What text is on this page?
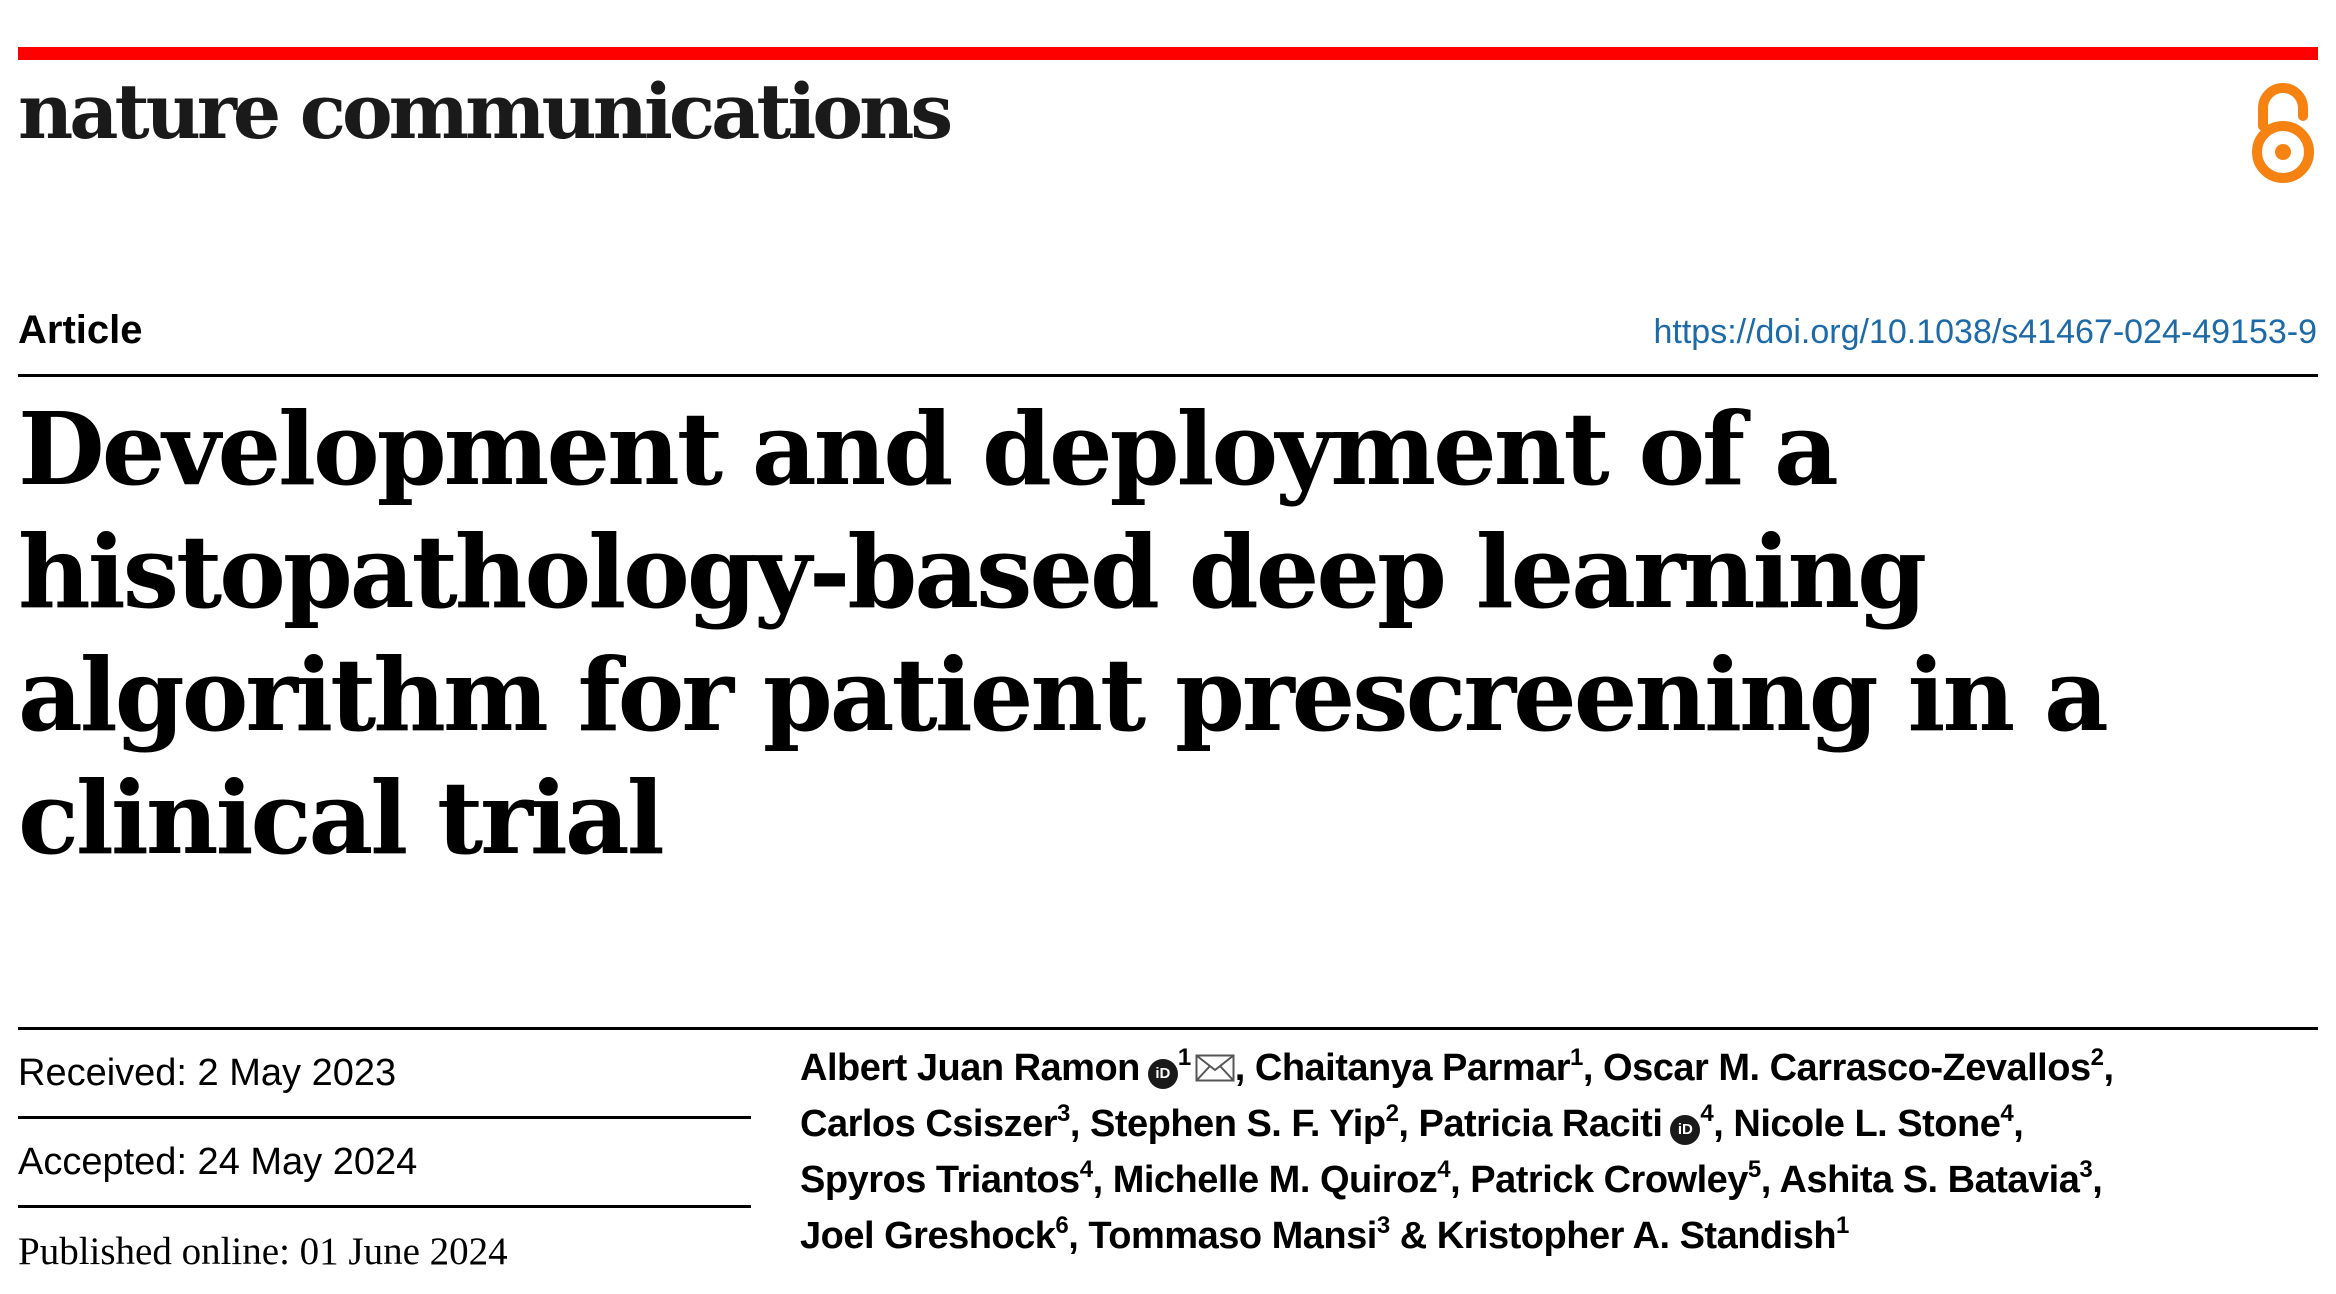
nature communications
Article	https://doi.org/10.1038/s41467-024-49153-9
Development and deployment of a
histopathology-based deep learning
algorithm for patient prescreening in a
clinical trial
Received: 2 May 2023
Accepted: 24 May 2024
Published online: 01 June 2024

Albert Juan Ramon $iD^1$ , Chaitanya Parmar$^1$, Oscar M. Carrasco-Zevallos$^2$,
Carlos Csiszer$^3$, Stephen S. F. Yip$^2$, Patricia Raciti $iD^4$, Nicole L. Stone$^4$,
Spyros Triantos$^4$, Michelle M. Quiroz$^4$, Patrick Crowley$^5$, Ashita S. Batavia$^3$,
Joel Greshock$^6$, Tommaso Mansi$^3$ & Kristopher A. Standish$^1$
